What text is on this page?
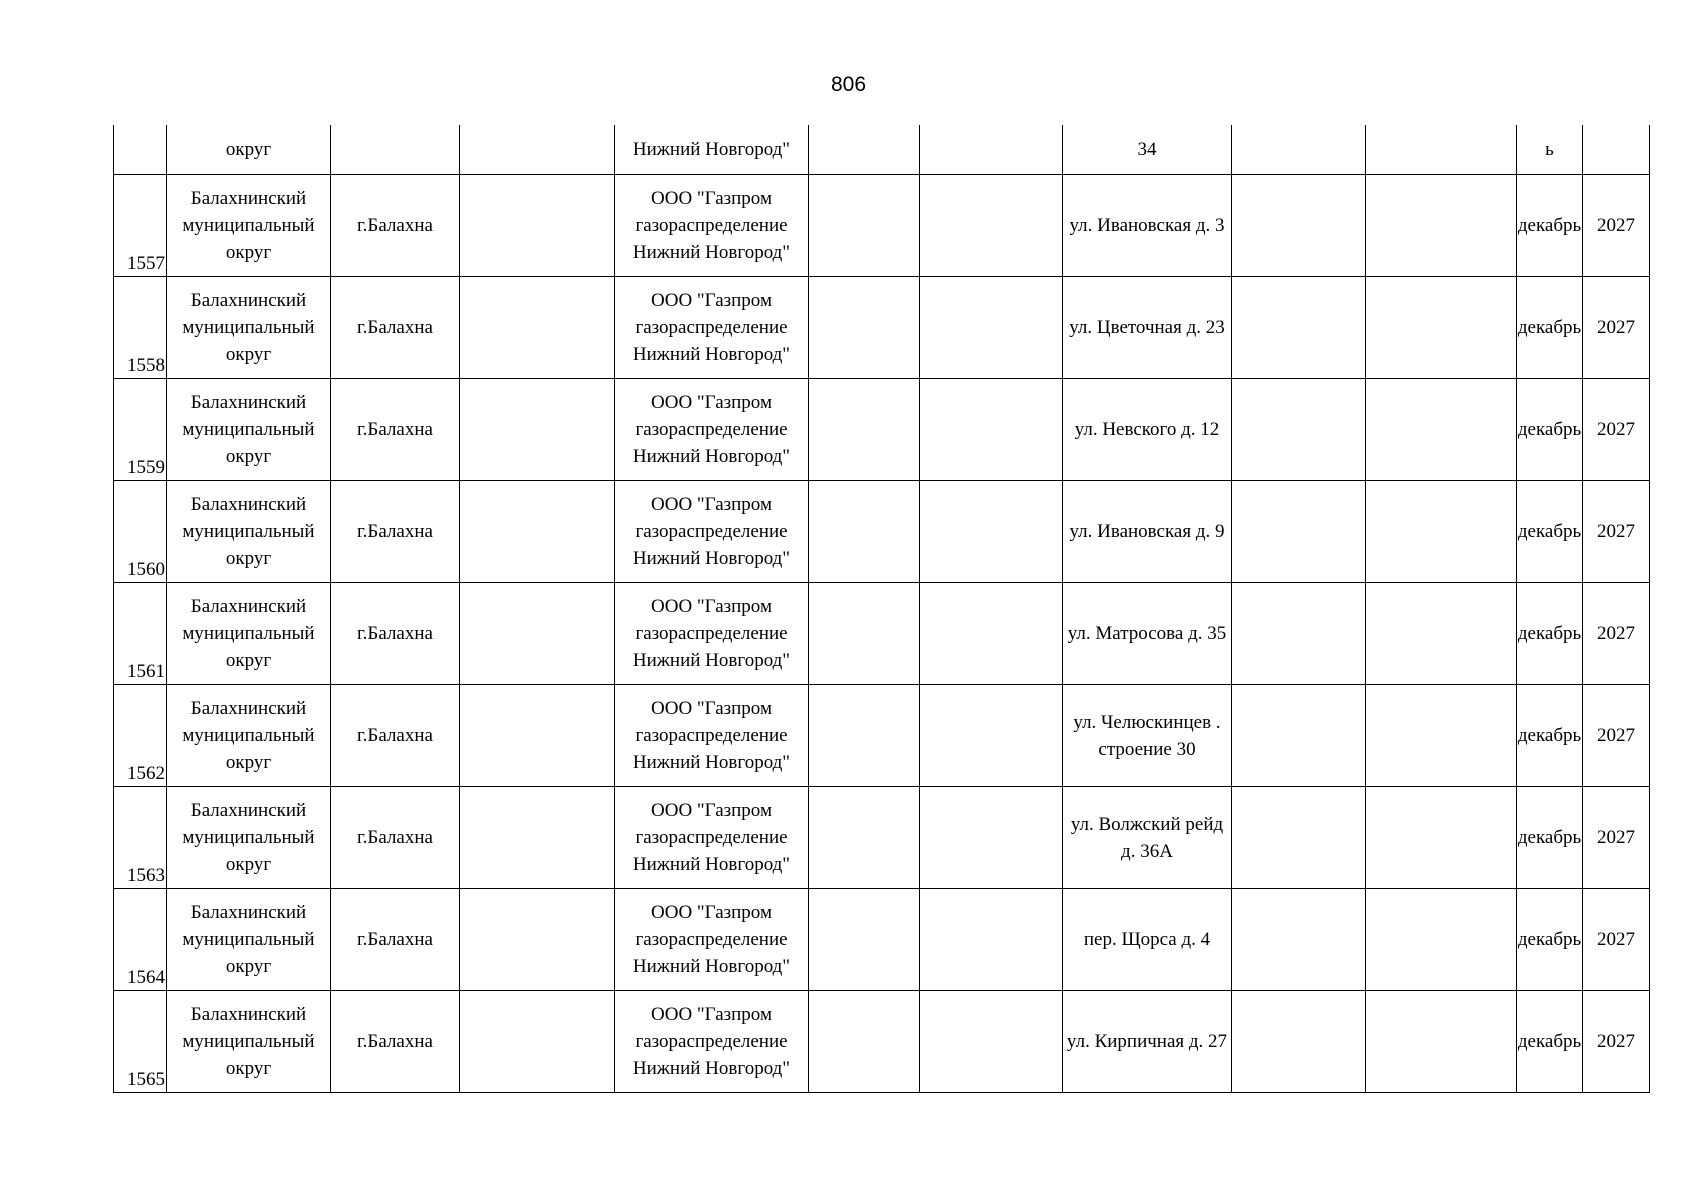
806
	округ			Нижний Новгород"			34			ь	
1557	Балахнинский муниципальный округ	г.Балахна		ООО "Газпром газораспределение Нижний Новгород"			ул. Ивановская д. 3			декабрь	2027
1558	Балахнинский муниципальный округ	г.Балахна		ООО "Газпром газораспределение Нижний Новгород"			ул. Цветочная д. 23			декабрь	2027
1559	Балахнинский муниципальный округ	г.Балахна		ООО "Газпром газораспределение Нижний Новгород"			ул. Невского д. 12			декабрь	2027
1560	Балахнинский муниципальный округ	г.Балахна		ООО "Газпром газораспределение Нижний Новгород"			ул. Ивановская д. 9			декабрь	2027
1561	Балахнинский муниципальный округ	г.Балахна		ООО "Газпром газораспределение Нижний Новгород"			ул. Матросова д. 35			декабрь	2027
1562	Балахнинский муниципальный округ	г.Балахна		ООО "Газпром газораспределение Нижний Новгород"			ул. Челюскинцев . строение 30			декабрь	2027
1563	Балахнинский муниципальный округ	г.Балахна		ООО "Газпром газораспределение Нижний Новгород"			ул. Волжский рейд д. 36А			декабрь	2027
1564	Балахнинский муниципальный округ	г.Балахна		ООО "Газпром газораспределение Нижний Новгород"			пер. Щорса д. 4			декабрь	2027
1565	Балахнинский муниципальный округ	г.Балахна		ООО "Газпром газораспределение Нижний Новгород"			ул. Кирпичная д. 27			декабрь	2027
